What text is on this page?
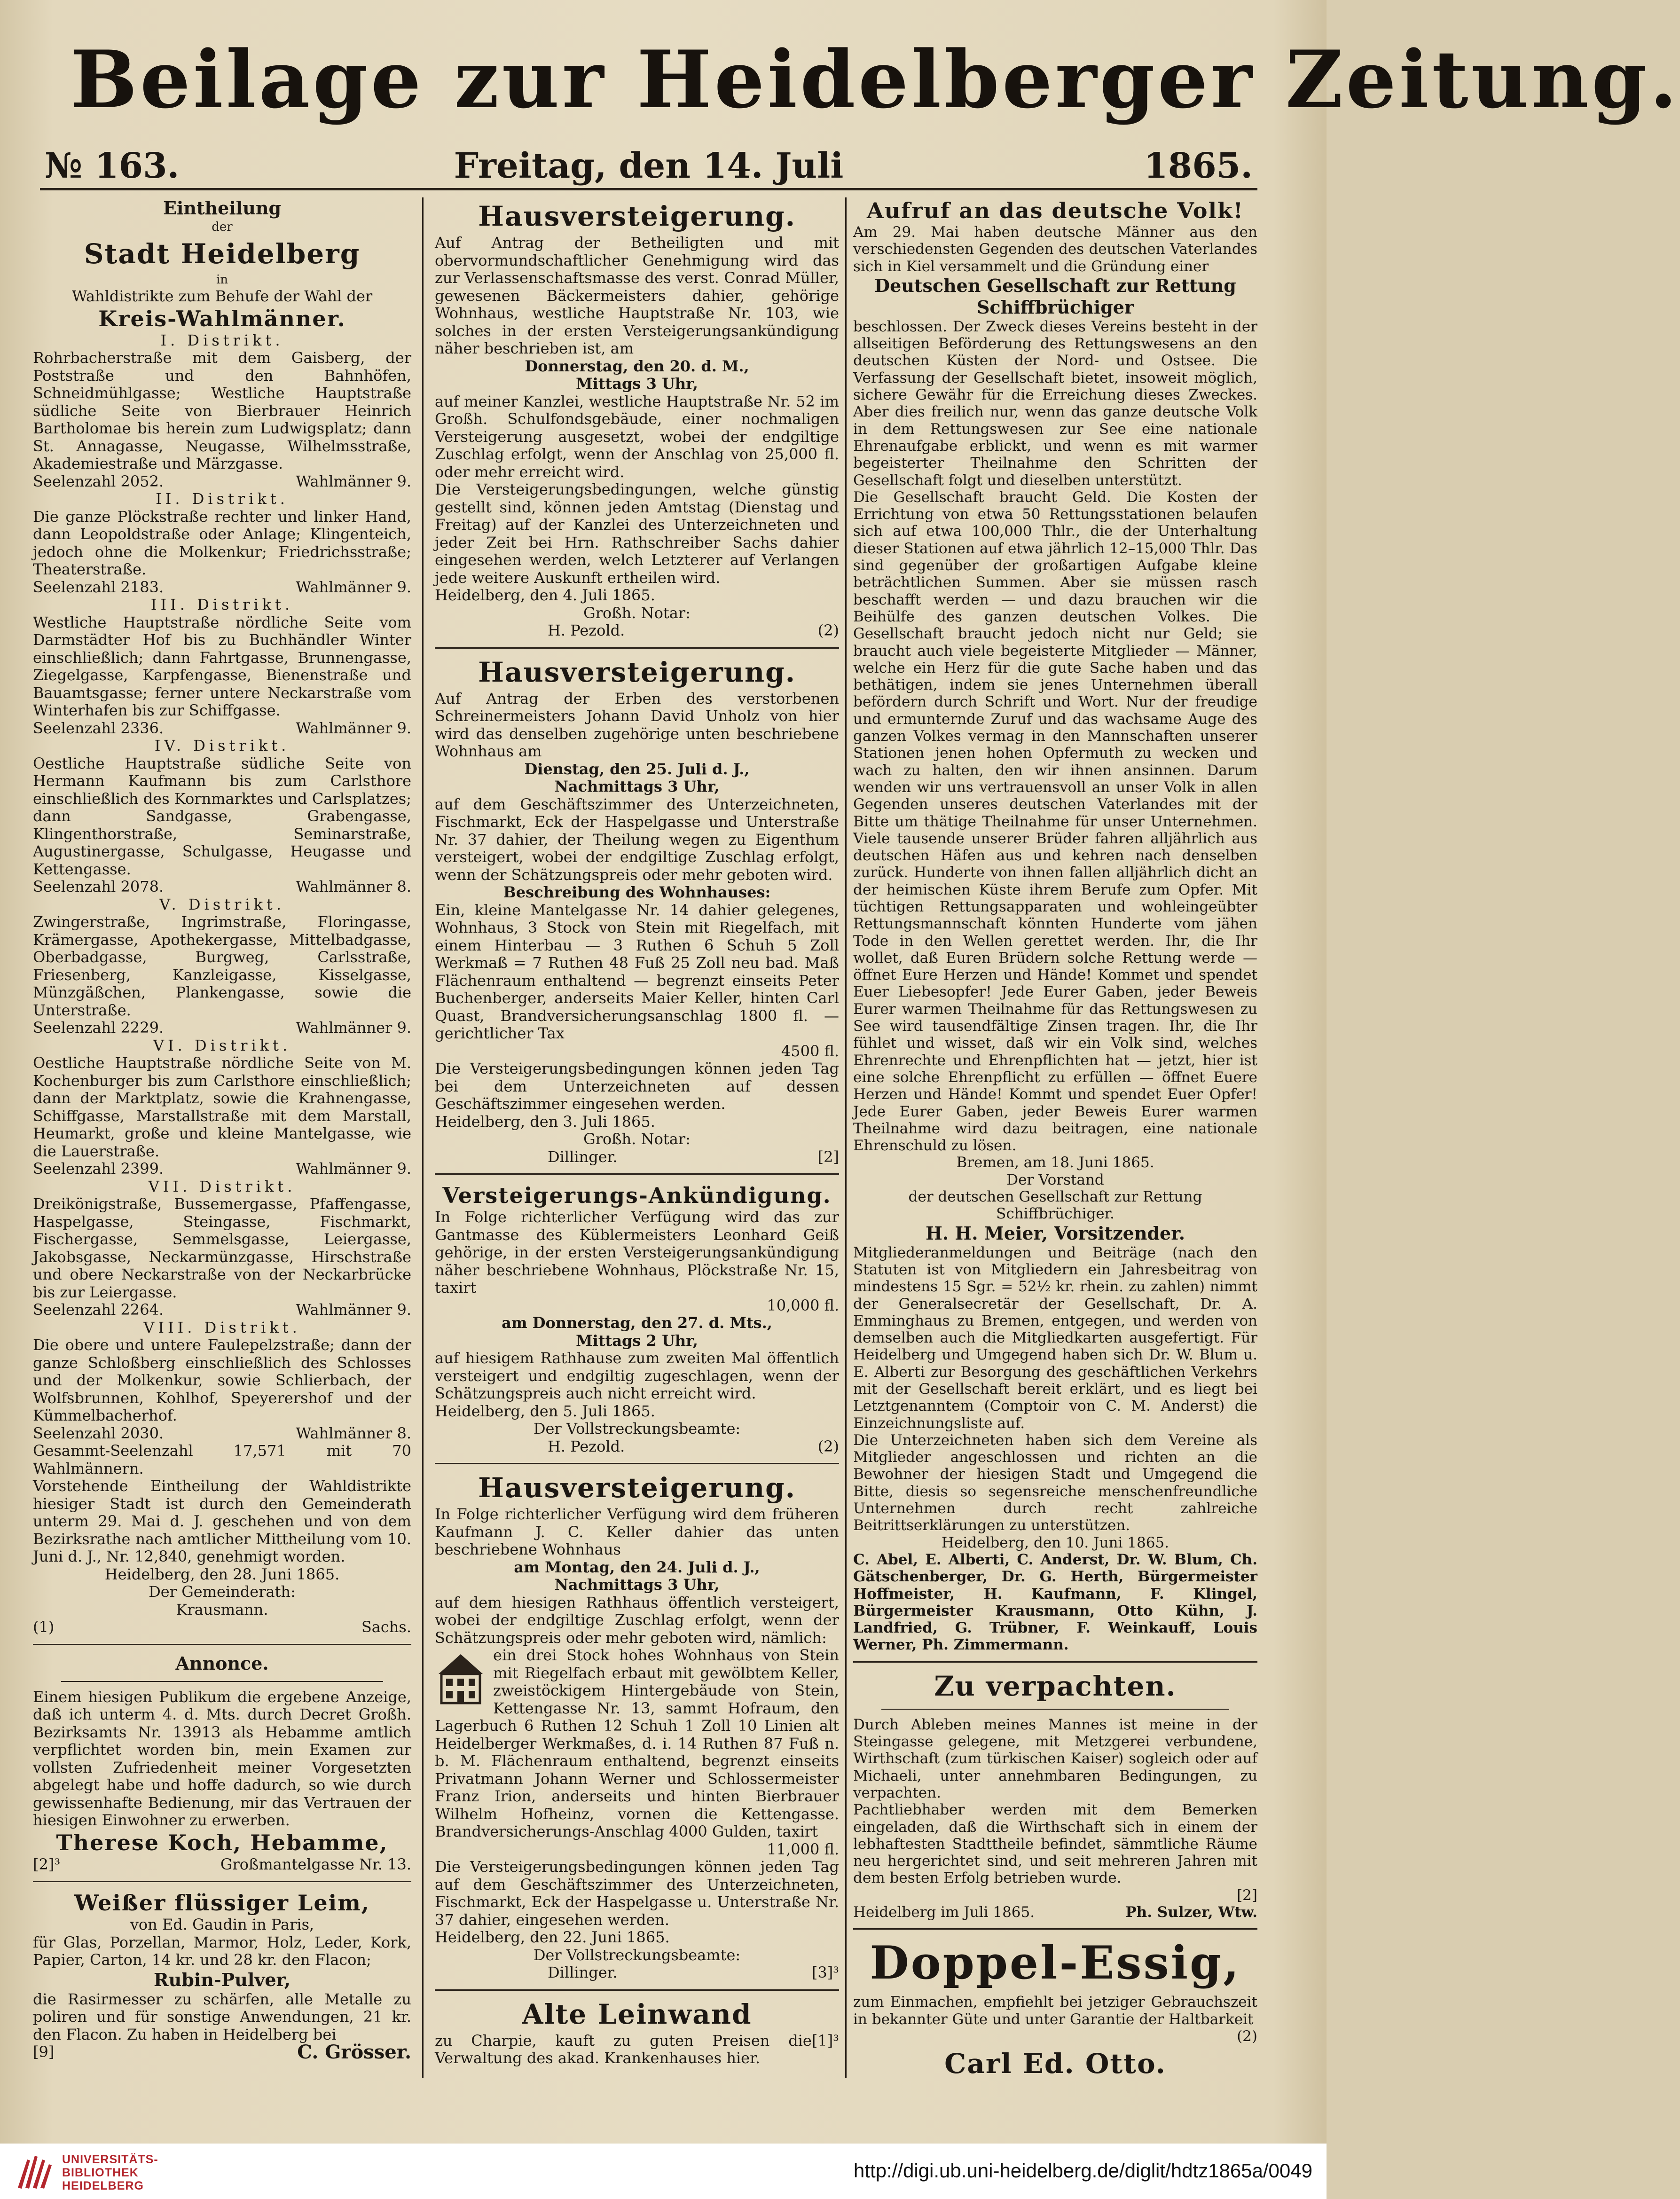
Beilage zur Heidelberger Zeitung.
№ 163.	Freitag, den 14. Juli	1865.
Eintheilung
der
Stadt Heidelberg
in

Wahldistrikte zum Behufe der Wahl der

Kreis-Wahlmänner.

I. Distrikt.

Rohrbacherstraße mit dem Gaisberg, der Poststraße und den Bahnhöfen, Schneidmühlgasse; Westliche Hauptstraße südliche Seite von Bierbrauer Heinrich Bartholomae bis herein zum Ludwigsplatz; dann St. Annagasse, Neugasse, Wilhelmsstraße, Akademiestraße und Märzgasse.

Seelenzahl 2052.	Wahlmänner 9.

II. Distrikt.

Die ganze Plöckstraße rechter und linker Hand, dann Leopoldstraße oder Anlage; Klingenteich, jedoch ohne die Molkenkur; Friedrichsstraße; Theaterstraße.

Seelenzahl 2183.	Wahlmänner 9.

III. Distrikt.

Westliche Hauptstraße nördliche Seite vom Darmstädter Hof bis zu Buchhändler Winter einschließlich; dann Fahrtgasse, Brunnengasse, Ziegelgasse, Karpfengasse, Bienenstraße und Bauamtsgasse; ferner untere Neckarstraße vom Winterhafen bis zur Schiffgasse.

Seelenzahl 2336.	Wahlmänner 9.

IV. Distrikt.

Oestliche Hauptstraße südliche Seite von Hermann Kaufmann bis zum Carlsthore einschließlich des Kornmarktes und Carlsplatzes; dann Sandgasse, Grabengasse, Klingenthorstraße, Seminarstraße, Augustinergasse, Schulgasse, Heugasse und Kettengasse.

Seelenzahl 2078.	Wahlmänner 8.

V. Distrikt.

Zwingerstraße, Ingrimstraße, Floringasse, Krämergasse, Apothekergasse, Mittelbadgasse, Oberbadgasse, Burgweg, Carlsstraße, Friesenberg, Kanzleigasse, Kisselgasse, Münzgäßchen, Plankengasse, sowie die Unterstraße.

Seelenzahl 2229.	Wahlmänner 9.

VI. Distrikt.

Oestliche Hauptstraße nördliche Seite von M. Kochenburger bis zum Carlsthore einschließlich; dann der Marktplatz, sowie die Krahnengasse, Schiffgasse, Marstallstraße mit dem Marstall, Heumarkt, große und kleine Mantelgasse, wie die Lauerstraße.

Seelenzahl 2399.	Wahlmänner 9.

VII. Distrikt.

Dreikönigstraße, Bussemergasse, Pfaffengasse, Haspelgasse, Steingasse, Fischmarkt, Fischergasse, Semmelsgasse, Leiergasse, Jakobsgasse, Neckarmünzgasse, Hirschstraße und obere Neckarstraße von der Neckarbrücke bis zur Leiergasse.

Seelenzahl 2264.	Wahlmänner 9.

VIII. Distrikt.

Die obere und untere Faulepelzstraße; dann der ganze Schloßberg einschließlich des Schlosses und der Molkenkur, sowie Schlierbach, der Wolfsbrunnen, Kohlhof, Speyerershof und der Kümmelbacherhof.

Seelenzahl 2030.	Wahlmänner 8.

Gesammt-Seelenzahl 17,571 mit 70 Wahlmännern.

Vorstehende Eintheilung der Wahldistrikte hiesiger Stadt ist durch den Gemeinderath unterm 29. Mai d. J. geschehen und von dem Bezirksrathe nach amtlicher Mittheilung vom 10. Juni d. J., Nr. 12,840, genehmigt worden.

Heidelberg, den 28. Juni 1865.

Der Gemeinderath:

Krausmann.

(1)	Sachs.
Annonce.

Einem hiesigen Publikum die ergebene Anzeige, daß ich unterm 4. d. Mts. durch Decret Großh. Bezirksamts Nr. 13913 als Hebamme amtlich verpflichtet worden bin, mein Examen zur vollsten Zufriedenheit meiner Vorgesetzten abgelegt habe und hoffe dadurch, so wie durch gewissenhafte Bedienung, mir das Vertrauen der hiesigen Einwohner zu erwerben.

Therese Koch, Hebamme,
[2]³	Großmantelgasse Nr. 13.
Weißer flüssiger Leim,

von Ed. Gaudin in Paris,

für Glas, Porzellan, Marmor, Holz, Leder, Kork, Papier, Carton, 14 kr. und 28 kr. den Flacon;

Rubin-Pulver,

die Rasirmesser zu schärfen, alle Metalle zu poliren und für sonstige Anwendungen, 21 kr. den Flacon. Zu haben in Heidelberg bei

[9]	C. Grösser.
Hausversteigerung.

Auf Antrag der Betheiligten und mit obervormundschaftlicher Genehmigung wird das zur Verlassenschaftsmasse des verst. Conrad Müller, gewesenen Bäckermeisters dahier, gehörige Wohnhaus, westliche Hauptstraße Nr. 103, wie solches in der ersten Versteigerungsankündigung näher beschrieben ist, am

Donnerstag, den 20. d. M.,

Mittags 3 Uhr,

auf meiner Kanzlei, westliche Hauptstraße Nr. 52 im Großh. Schulfondsgebäude, einer nochmaligen Versteigerung ausgesetzt, wobei der endgiltige Zuschlag erfolgt, wenn der Anschlag von 25,000 fl. oder mehr erreicht wird.

Die Versteigerungsbedingungen, welche günstig gestellt sind, können jeden Amtstag (Dienstag und Freitag) auf der Kanzlei des Unterzeichneten und jeder Zeit bei Hrn. Rathschreiber Sachs dahier eingesehen werden, welch Letzterer auf Verlangen jede weitere Auskunft ertheilen wird.

Heidelberg, den 4. Juli 1865.

Großh. Notar:

H. Pezold.	(2)
Hausversteigerung.

Auf Antrag der Erben des verstorbenen Schreinermeisters Johann David Unholz von hier wird das denselben zugehörige unten beschriebene Wohnhaus am

Dienstag, den 25. Juli d. J.,

Nachmittags 3 Uhr,

auf dem Geschäftszimmer des Unterzeichneten, Fischmarkt, Eck der Haspelgasse und Unterstraße Nr. 37 dahier, der Theilung wegen zu Eigenthum versteigert, wobei der endgiltige Zuschlag erfolgt, wenn der Schätzungspreis oder mehr geboten wird.

Beschreibung des Wohnhauses:

Ein, kleine Mantelgasse Nr. 14 dahier gelegenes, Wohnhaus, 3 Stock von Stein mit Riegelfach, mit einem Hinterbau — 3 Ruthen 6 Schuh 5 Zoll Werkmaß = 7 Ruthen 48 Fuß 25 Zoll neu bad. Maß Flächenraum enthaltend — begrenzt einseits Peter Buchenberger, anderseits Maier Keller, hinten Carl Quast, Brandversicherungsanschlag 1800 fl. — gerichtlicher Tax

4500 fl.

Die Versteigerungsbedingungen können jeden Tag bei dem Unterzeichneten auf dessen Geschäftszimmer eingesehen werden.

Heidelberg, den 3. Juli 1865.

Großh. Notar:

Dillinger.	[2]
Versteigerungs-Ankündigung.

In Folge richterlicher Verfügung wird das zur Gantmasse des Küblermeisters Leonhard Geiß gehörige, in der ersten Versteigerungsankündigung näher beschriebene Wohnhaus, Plöckstraße Nr. 15, taxirt

10,000 fl.

am Donnerstag, den 27. d. Mts.,

Mittags 2 Uhr,

auf hiesigem Rathhause zum zweiten Mal öffentlich versteigert und endgiltig zugeschlagen, wenn der Schätzungspreis auch nicht erreicht wird.

Heidelberg, den 5. Juli 1865.

Der Vollstreckungsbeamte:

H. Pezold.	(2)
Hausversteigerung.

In Folge richterlicher Verfügung wird dem früheren Kaufmann J. C. Keller dahier das unten beschriebene Wohnhaus

am Montag, den 24. Juli d. J.,

Nachmittags 3 Uhr,

auf dem hiesigen Rathhaus öffentlich versteigert, wobei der endgiltige Zuschlag erfolgt, wenn der Schätzungspreis oder mehr geboten wird, nämlich:

ein drei Stock hohes Wohnhaus von Stein mit Riegelfach erbaut mit gewölbtem Keller, zweistöckigem Hintergebäude von Stein, Kettengasse Nr. 13, sammt Hofraum, den Lagerbuch 6 Ruthen 12 Schuh 1 Zoll 10 Linien alt Heidelberger Werkmaßes, d. i. 14 Ruthen 87 Fuß n. b. M. Flächenraum enthaltend, begrenzt einseits Privatmann Johann Werner und Schlossermeister Franz Irion, anderseits und hinten Bierbrauer Wilhelm Hofheinz, vornen die Kettengasse. Brandversicherungs-Anschlag 4000 Gulden, taxirt

11,000 fl.

Die Versteigerungsbedingungen können jeden Tag auf dem Geschäftszimmer des Unterzeichneten, Fischmarkt, Eck der Haspelgasse u. Unterstraße Nr. 37 dahier, eingesehen werden.

Heidelberg, den 22. Juni 1865.

Der Vollstreckungsbeamte:

Dillinger.	[3]³
Alte Leinwand

zu Charpie, kauft zu guten Preisen die Verwaltung des akad. Krankenhauses hier.

[1]³
Aufruf an das deutsche Volk!

Am 29. Mai haben deutsche Männer aus den verschiedensten Gegenden des deutschen Vaterlandes sich in Kiel versammelt und die Gründung einer

Deutschen Gesellschaft zur Rettung Schiffbrüchiger

beschlossen. Der Zweck dieses Vereins besteht in der allseitigen Beförderung des Rettungswesens an den deutschen Küsten der Nord- und Ostsee. Die Verfassung der Gesellschaft bietet, insoweit möglich, sichere Gewähr für die Erreichung dieses Zweckes. Aber dies freilich nur, wenn das ganze deutsche Volk in dem Rettungswesen zur See eine nationale Ehrenaufgabe erblickt, und wenn es mit warmer begeisterter Theilnahme den Schritten der Gesellschaft folgt und dieselben unterstützt.

Die Gesellschaft braucht Geld. Die Kosten der Errichtung von etwa 50 Rettungsstationen belaufen sich auf etwa 100,000 Thlr., die der Unterhaltung dieser Stationen auf etwa jährlich 12–15,000 Thlr. Das sind gegenüber der großartigen Aufgabe kleine beträchtlichen Summen. Aber sie müssen rasch beschafft werden — und dazu brauchen wir die Beihülfe des ganzen deutschen Volkes. Die Gesellschaft braucht jedoch nicht nur Geld; sie braucht auch viele begeisterte Mitglieder — Männer, welche ein Herz für die gute Sache haben und das bethätigen, indem sie jenes Unternehmen überall befördern durch Schrift und Wort. Nur der freudige und ermunternde Zuruf und das wachsame Auge des ganzen Volkes vermag in den Mannschaften unserer Stationen jenen hohen Opfermuth zu wecken und wach zu halten, den wir ihnen ansinnen. Darum wenden wir uns vertrauensvoll an unser Volk in allen Gegenden unseres deutschen Vaterlandes mit der Bitte um thätige Theilnahme für unser Unternehmen. Viele tausende unserer Brüder fahren alljährlich aus deutschen Häfen aus und kehren nach denselben zurück. Hunderte von ihnen fallen alljährlich dicht an der heimischen Küste ihrem Berufe zum Opfer. Mit tüchtigen Rettungsapparaten und wohleingeübter Rettungsmannschaft könnten Hunderte vom jähen Tode in den Wellen gerettet werden. Ihr, die Ihr wollet, daß Euren Brüdern solche Rettung werde — öffnet Eure Herzen und Hände! Kommet und spendet Euer Liebesopfer! Jede Eurer Gaben, jeder Beweis Eurer warmen Theilnahme für das Rettungswesen zu See wird tausendfältige Zinsen tragen. Ihr, die Ihr fühlet und wisset, daß wir ein Volk sind, welches Ehrenrechte und Ehrenpflichten hat — jetzt, hier ist eine solche Ehrenpflicht zu erfüllen — öffnet Euere Herzen und Hände! Kommt und spendet Euer Opfer! Jede Eurer Gaben, jeder Beweis Eurer warmen Theilnahme wird dazu beitragen, eine nationale Ehrenschuld zu lösen.

Bremen, am 18. Juni 1865.

Der Vorstand

der deutschen Gesellschaft zur Rettung Schiffbrüchiger.

H. H. Meier, Vorsitzender.

Mitgliederanmeldungen und Beiträge (nach den Statuten ist von Mitgliedern ein Jahresbeitrag von mindestens 15 Sgr. = 52½ kr. rhein. zu zahlen) nimmt der Generalsecretär der Gesellschaft, Dr. A. Emminghaus zu Bremen, entgegen, und werden von demselben auch die Mitgliedkarten ausgefertigt. Für Heidelberg und Umgegend haben sich Dr. W. Blum u. E. Alberti zur Besorgung des geschäftlichen Verkehrs mit der Gesellschaft bereit erklärt, und es liegt bei Letztgenanntem (Comptoir von C. M. Anderst) die Einzeichnungsliste auf.

Die Unterzeichneten haben sich dem Vereine als Mitglieder angeschlossen und richten an die Bewohner der hiesigen Stadt und Umgegend die Bitte, diesis so segensreiche menschenfreundliche Unternehmen durch recht zahlreiche Beitrittserklärungen zu unterstützen.

Heidelberg, den 10. Juni 1865.

C. Abel, E. Alberti, C. Anderst, Dr. W. Blum, Ch. Gätschenberger, Dr. G. Herth, Bürgermeister Hoffmeister, H. Kaufmann, F. Klingel, Bürgermeister Krausmann, Otto Kühn, J. Landfried, G. Trübner, F. Weinkauff, Louis Werner, Ph. Zimmermann.

Zu verpachten.

Durch Ableben meines Mannes ist meine in der Steingasse gelegene, mit Metzgerei verbundene, Wirthschaft (zum türkischen Kaiser) sogleich oder auf Michaeli, unter annehmbaren Bedingungen, zu verpachten.

Pachtliebhaber werden mit dem Bemerken eingeladen, daß die Wirthschaft sich in einem der lebhaftesten Stadttheile befindet, sämmtliche Räume neu hergerichtet sind, und seit mehreren Jahren mit dem besten Erfolg betrieben wurde.

[2]

Heidelberg im Juli 1865.	Ph. Sulzer, Wtw.
Doppel-Essig,

zum Einmachen, empfiehlt bei jetziger Gebrauchszeit in bekannter Güte und unter Garantie der Haltbarkeit

(2)

Carl Ed. Otto.
UNIVERSITÄTS-
BIBLIOTHEK
HEIDELBERG
http://digi.ub.uni-heidelberg.de/diglit/hdtz1865a/0049
